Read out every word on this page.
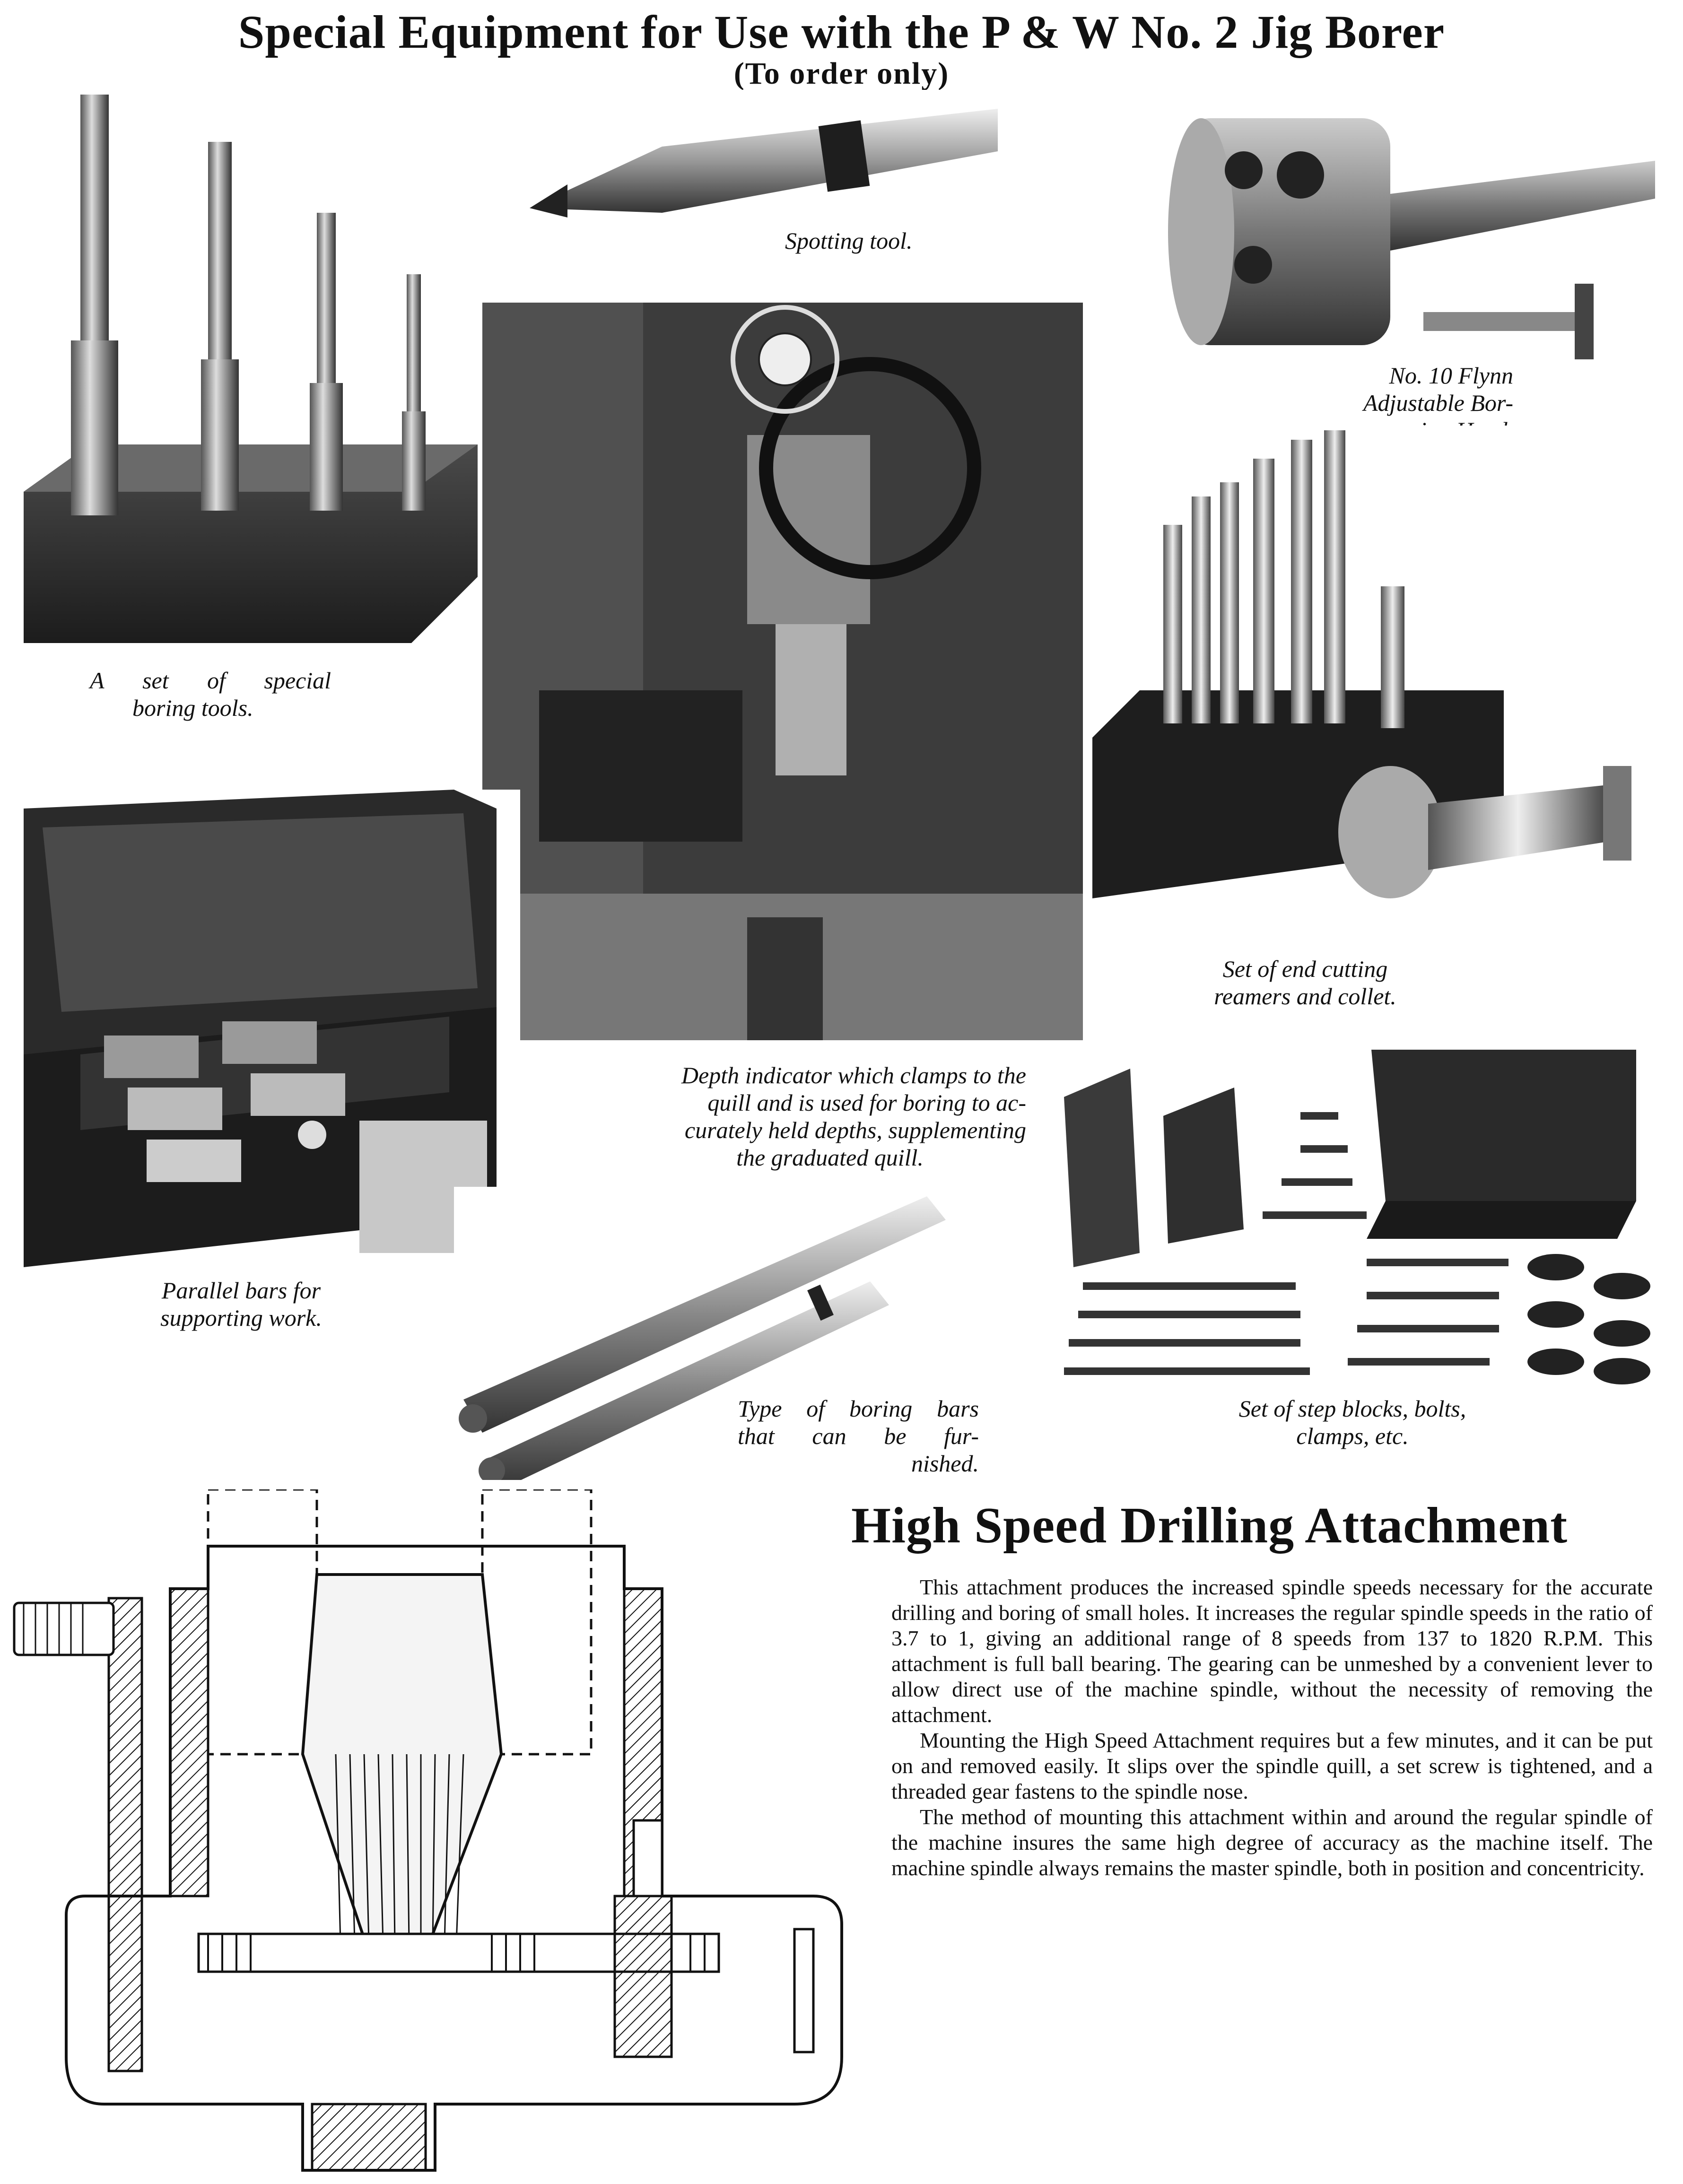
Special Equipment for Use with the P & W No. 2 Jig Borer
(To order only)
A set of special
boring tools.
Spotting tool.
No. 10 Flynn
Adjustable Bor-
ing Head.
Depth indicator which clamps to the
quill and is used for boring to ac-
curately held depths, supplementing
the graduated quill.
Set of end cutting
reamers and collet.
Parallel bars for
supporting work.
Type of boring bars
that can be fur-
nished.
Set of step blocks, bolts,
clamps, etc.
High Speed Drilling Attachment

This attachment produces the increased spindle speeds necessary for the accurate drilling and boring of small holes. It increases the regular spindle speeds in the ratio of 3.7 to 1, giving an additional range of 8 speeds from 137 to 1820 R.P.M. This attachment is full ball bearing. The gearing can be unmeshed by a convenient lever to allow direct use of the machine spindle, without the necessity of removing the attachment.

Mounting the High Speed Attachment requires but a few minutes, and it can be put on and removed easily. It slips over the spindle quill, a set screw is tightened, and a threaded gear fastens to the spindle nose.

The method of mounting this attachment within and around the regular spindle of the machine insures the same high degree of accuracy as the machine itself. The machine spindle always remains the master spindle, both in position and concentricity.
